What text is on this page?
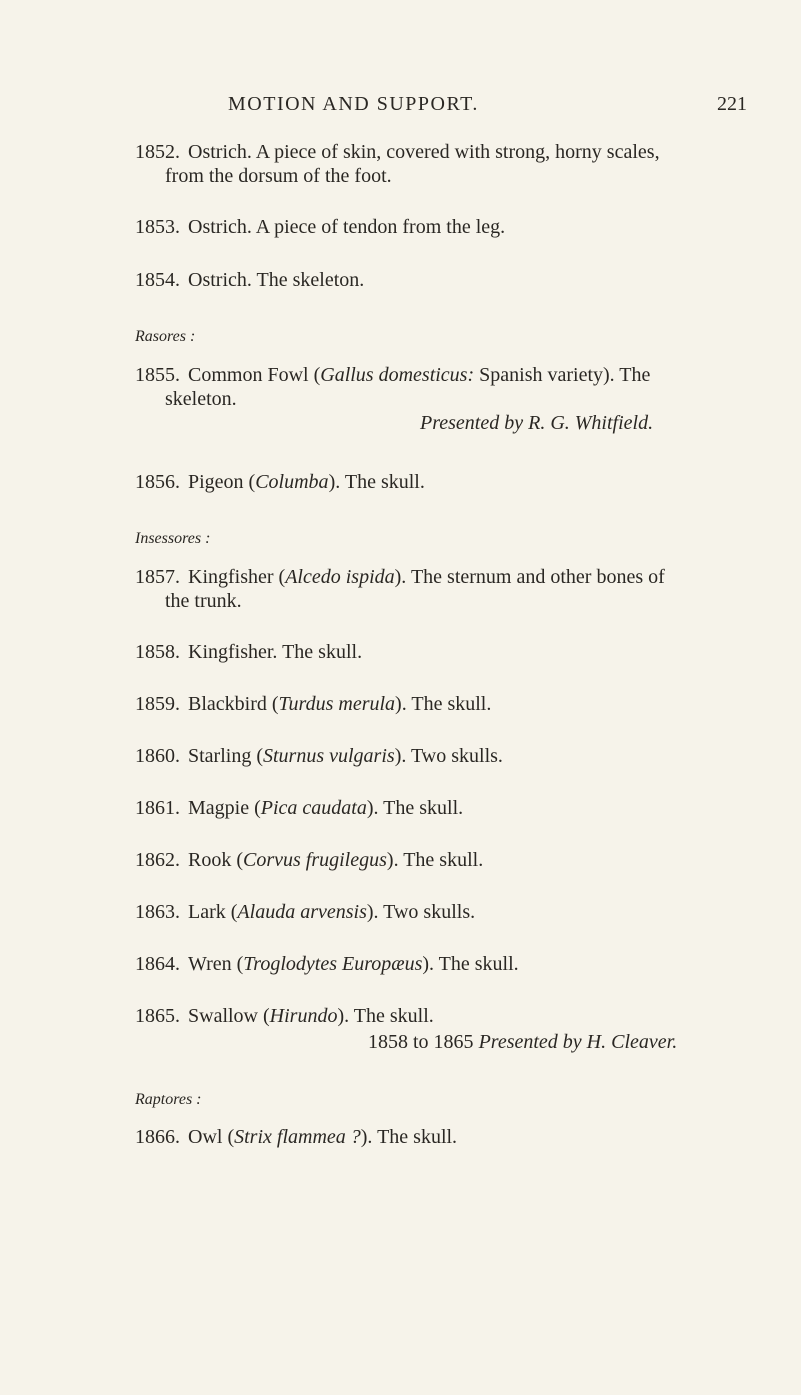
MOTION AND SUPPORT.	221
1852. Ostrich. A piece of skin, covered with strong, horny scales,
from the dorsum of the foot.
1853. Ostrich. A piece of tendon from the leg.
1854. Ostrich. The skeleton.
Rasores :
1855. Common Fowl (Gallus domesticus: Spanish variety). The
skeleton.
Presented by R. G. Whitfield.
1856. Pigeon (Columba). The skull.
Insessores :
1857. Kingfisher (Alcedo ispida). The sternum and other bones of
the trunk.
1858. Kingfisher. The skull.
1859. Blackbird (Turdus merula). The skull.
1860. Starling (Sturnus vulgaris). Two skulls.
1861. Magpie (Pica caudata). The skull.
1862. Rook (Corvus frugilegus). The skull.
1863. Lark (Alauda arvensis). Two skulls.
1864. Wren (Troglodytes Europæus). The skull.
1865. Swallow (Hirundo). The skull.
1858 to 1865 Presented by H. Cleaver.
Raptores :
1866. Owl (Strix flammea ?). The skull.
